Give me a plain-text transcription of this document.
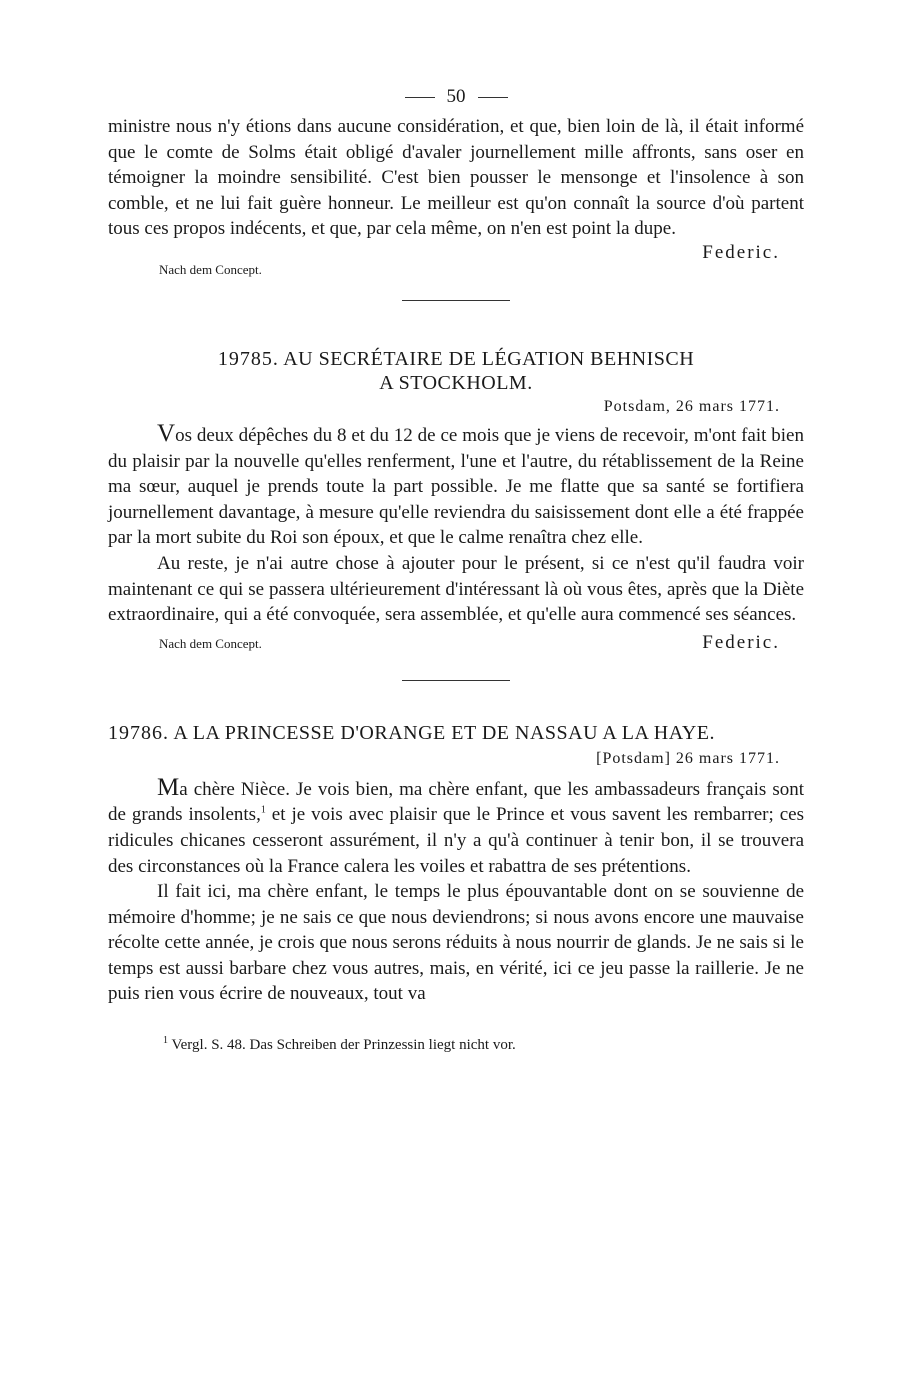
50

ministre nous n'y étions dans aucune considération, et que, bien loin de là, il était informé que le comte de Solms était obligé d'avaler journellement mille affronts, sans oser en témoigner la moindre sensibilité. C'est bien pousser le mensonge et l'insolence à son comble, et ne lui fait guère honneur. Le meilleur est qu'on connaît la source d'où partent tous ces propos indécents, et que, par cela même, on n'en est point la dupe.

Federic.
Nach dem Concept.
19785. AU SECRÉTAIRE DE LÉGATION BEHNISCH
A STOCKHOLM.
Potsdam, 26 mars 1771.

Vos deux dépêches du 8 et du 12 de ce mois que je viens de recevoir, m'ont fait bien du plaisir par la nouvelle qu'elles renferment, l'une et l'autre, du rétablissement de la Reine ma sœur, auquel je prends toute la part possible. Je me flatte que sa santé se fortifiera journellement davantage, à mesure qu'elle reviendra du saisissement dont elle a été frappée par la mort subite du Roi son époux, et que le calme renaîtra chez elle.

Au reste, je n'ai autre chose à ajouter pour le présent, si ce n'est qu'il faudra voir maintenant ce qui se passera ultérieurement d'intéressant là où vous êtes, après que la Diète extraordinaire, qui a été convoquée, sera assemblée, et qu'elle aura commencé ses séances.

Nach dem Concept.	Federic.
19786. A LA PRINCESSE D'ORANGE ET DE NASSAU A LA HAYE.
[Potsdam] 26 mars 1771.

Ma chère Nièce. Je vois bien, ma chère enfant, que les ambassadeurs français sont de grands insolents,$^1$ et je vois avec plaisir que le Prince et vous savent les rembarrer; ces ridicules chicanes cesseront assurément, il n'y a qu'à continuer à tenir bon, il se trouvera des circonstances où la France calera les voiles et rabattra de ses prétentions.

Il fait ici, ma chère enfant, le temps le plus épouvantable dont on se souvienne de mémoire d'homme; je ne sais ce que nous deviendrons; si nous avons encore une mauvaise récolte cette année, je crois que nous serons réduits à nous nourrir de glands. Je ne sais si le temps est aussi barbare chez vous autres, mais, en vérité, ici ce jeu passe la raillerie. Je ne puis rien vous écrire de nouveaux, tout va

$^1$ Vergl. S. 48. Das Schreiben der Prinzessin liegt nicht vor.
